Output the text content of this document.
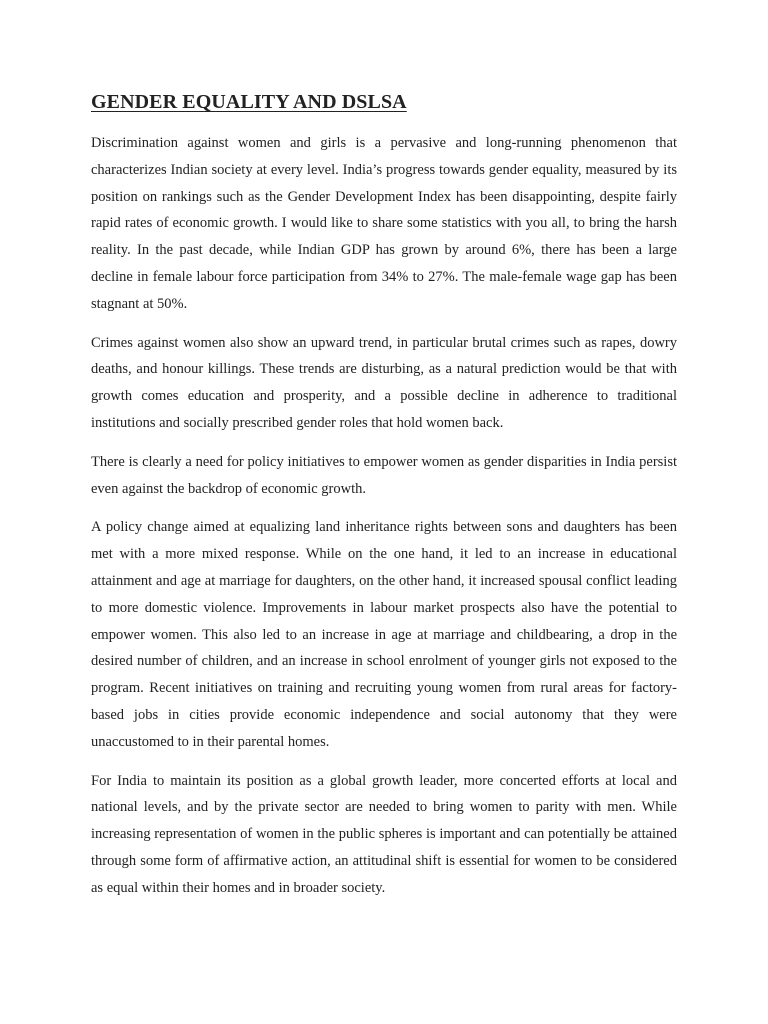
GENDER EQUALITY AND DSLSA

Discrimination against women and girls is a pervasive and long-running phenomenon that characterizes Indian society at every level. India’s progress towards gender equality, measured by its position on rankings such as the Gender Development Index has been disappointing, despite fairly rapid rates of economic growth. I would like to share some statistics with you all, to bring the harsh reality. In the past decade, while Indian GDP has grown by around 6%, there has been a large decline in female labour force participation from 34% to 27%. The male-female wage gap has been stagnant at 50%.

Crimes against women also show an upward trend, in particular brutal crimes such as rapes, dowry deaths, and honour killings. These trends are disturbing, as a natural prediction would be that with growth comes education and prosperity, and a possible decline in adherence to traditional institutions and socially prescribed gender roles that hold women back.

There is clearly a need for policy initiatives to empower women as gender disparities in India persist even against the backdrop of economic growth.

A policy change aimed at equalizing land inheritance rights between sons and daughters has been met with a more mixed response. While on the one hand, it led to an increase in educational attainment and age at marriage for daughters, on the other hand, it increased spousal conflict leading to more domestic violence. Improvements in labour market prospects also have the potential to empower women. This also led to an increase in age at marriage and childbearing, a drop in the desired number of children, and an increase in school enrolment of younger girls not exposed to the program. Recent initiatives on training and recruiting young women from rural areas for factory-based jobs in cities provide economic independence and social autonomy that they were unaccustomed to in their parental homes.

For India to maintain its position as a global growth leader, more concerted efforts at local and national levels, and by the private sector are needed to bring women to parity with men. While increasing representation of women in the public spheres is important and can potentially be attained through some form of affirmative action, an attitudinal shift is essential for women to be considered as equal within their homes and in broader society.
